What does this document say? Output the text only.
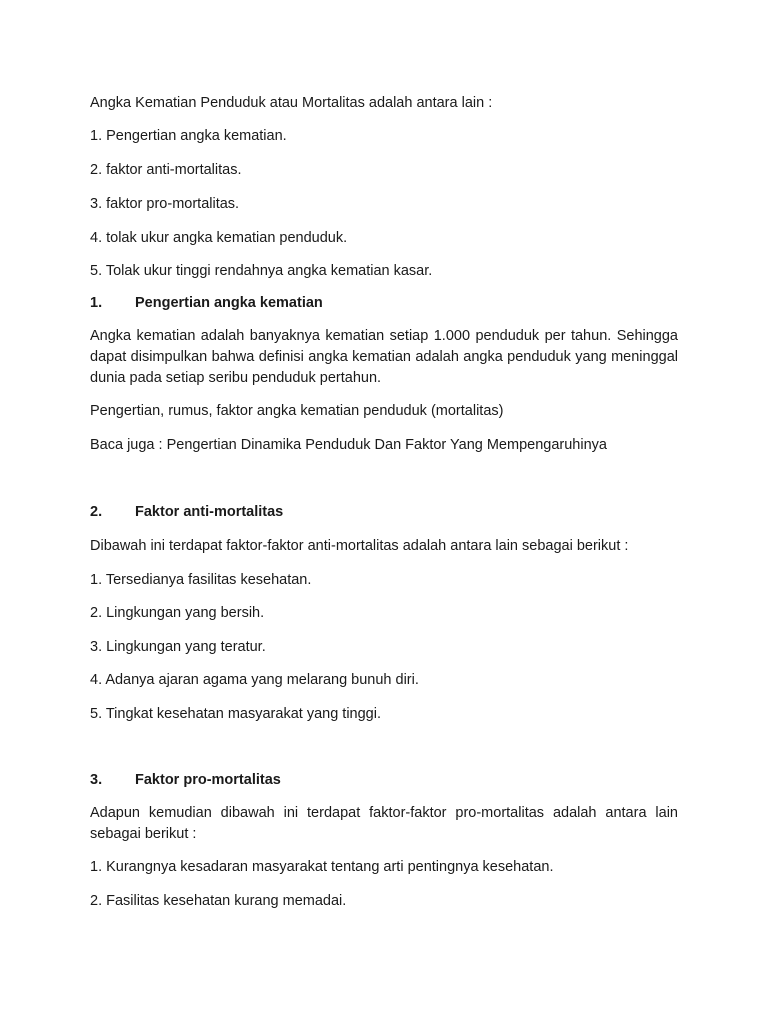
Angka Kematian Penduduk atau Mortalitas adalah antara lain :
1. Pengertian angka kematian.
2. faktor anti-mortalitas.
3. faktor pro-mortalitas.
4. tolak ukur angka kematian penduduk.
5. Tolak ukur tinggi rendahnya angka kematian kasar.
1. Pengertian angka kematian
Angka kematian adalah banyaknya kematian setiap 1.000 penduduk per tahun. Sehingga dapat disimpulkan bahwa definisi angka kematian adalah angka penduduk yang meninggal dunia pada setiap seribu penduduk pertahun.
Pengertian, rumus, faktor angka kematian penduduk (mortalitas)
Baca juga : Pengertian Dinamika Penduduk Dan Faktor Yang Mempengaruhinya
2. Faktor anti-mortalitas
Dibawah ini terdapat faktor-faktor anti-mortalitas adalah antara lain sebagai berikut :
1. Tersedianya fasilitas kesehatan.
2. Lingkungan yang bersih.
3. Lingkungan yang teratur.
4. Adanya ajaran agama yang melarang bunuh diri.
5. Tingkat kesehatan masyarakat yang tinggi.
3. Faktor pro-mortalitas
Adapun kemudian dibawah ini terdapat faktor-faktor pro-mortalitas adalah antara lain sebagai berikut :
1. Kurangnya kesadaran masyarakat tentang arti pentingnya kesehatan.
2. Fasilitas kesehatan kurang memadai.
